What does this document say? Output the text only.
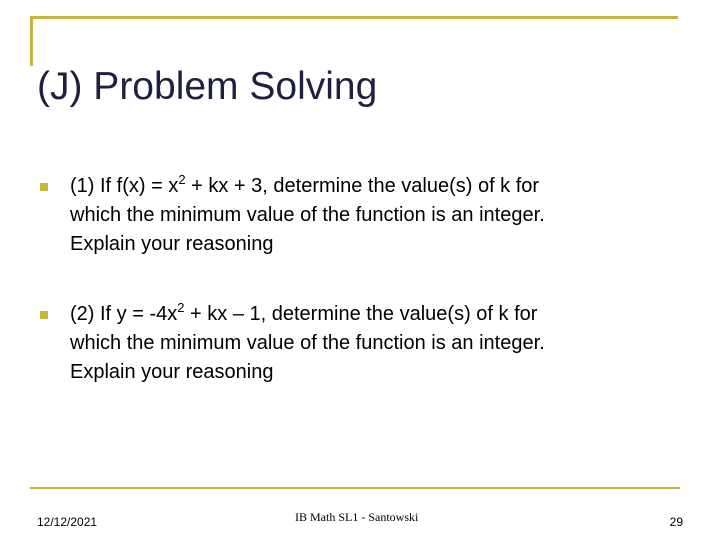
(J) Problem Solving
(1) If $f(x) = x^2$ + kx + 3, determine the value(s) of k for
which the minimum value of the function is an integer.
Explain your reasoning
(2) If $y = -4x^2$ + kx – 1, determine the value(s) of k for
which the minimum value of the function is an integer.
Explain your reasoning
12/12/2021	IB Math SL1 - Santowski	29
